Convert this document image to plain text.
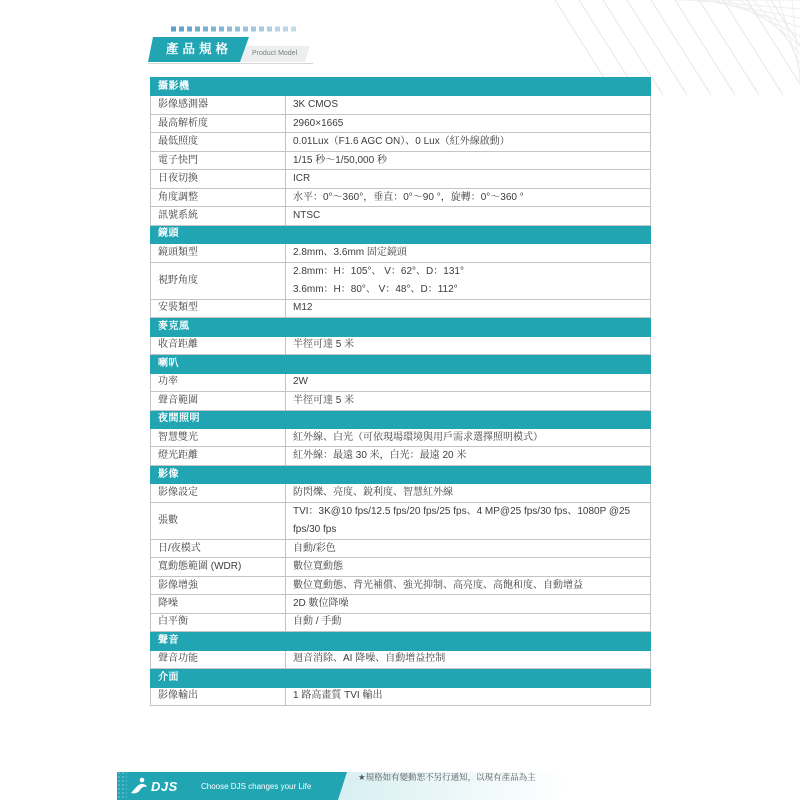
產品規格	Product Model
攝影機	
影像感測器	3K CMOS
最高解析度	2960×1665
最低照度	0.01Lux（F1.6 AGC ON）、0 Lux（紅外線啟動）
電子快門	1/15 秒～1/50,000 秒
日夜切換	ICR
角度調整	水平：0°～360°，垂直：0°～90 °，旋轉：0°～360 °
訊號系統	NTSC
鏡頭	
鏡頭類型	2.8mm、3.6mm 固定鏡頭
視野角度	2.8mm：H：105°、 V：62°、D：131°
3.6mm：H：80°、 V：48°、D：112°

安裝類型	M12
麥克風	
收音距離	半徑可達 5 米
喇叭	
功率	2W
聲音範圍	半徑可達 5 米
夜間照明	
智慧雙光	紅外線、白光（可依現場環境與用戶需求選擇照明模式）
燈光距離	紅外線：最遠 30 米，白光：最遠 20 米
影像	
影像設定	防閃爍、亮度、銳利度、智慧紅外線
張數	TVI：3K@10 fps/12.5 fps/20 fps/25 fps、4 MP@25 fps/30 fps、1080P @25 fps/30 fps
日/夜模式	自動/彩色
寬動態範圍 (WDR)	數位寬動態
影像增強	數位寬動態、背光補償、強光抑制、高亮度、高飽和度、自動增益
降噪	2D 數位降噪
白平衡	自動 / 手動
聲音	
聲音功能	迴音消除、AI 降噪、自動增益控制
介面	
影像輸出	1 路高畫質 TVI 輸出
DJS	Choose DJS changes your Life
★規格如有變動恕不另行通知，以現有產品為主
